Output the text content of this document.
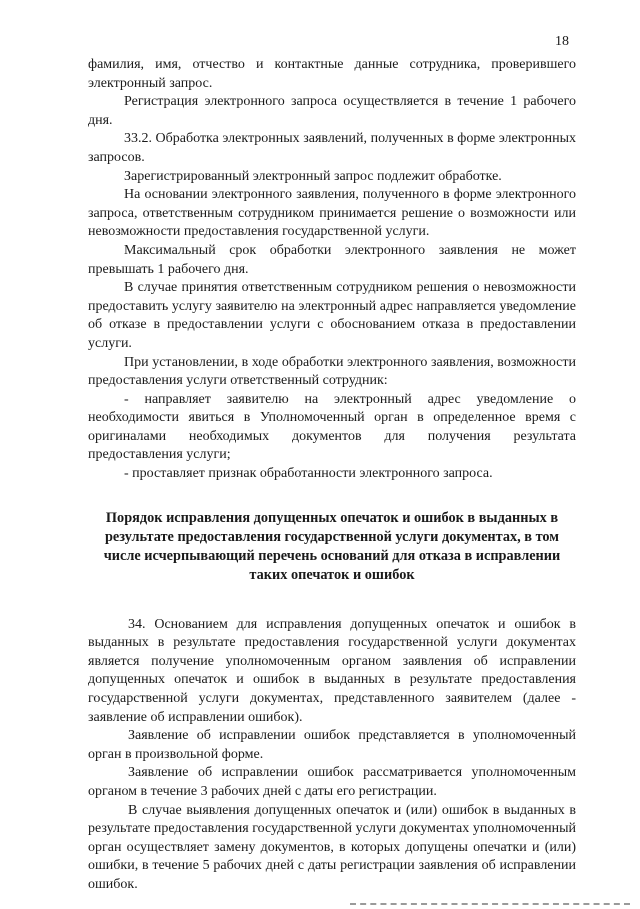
18

фамилия, имя, отчество и контактные данные сотрудника, проверившего электронный запрос.

Регистрация электронного запроса осуществляется в течение 1 рабочего дня.

33.2. Обработка электронных заявлений, полученных в форме электронных запросов.

Зарегистрированный электронный запрос подлежит обработке.

На основании электронного заявления, полученного в форме электронного запроса, ответственным сотрудником принимается решение о возможности или невозможности предоставления государственной услуги.

Максимальный срок обработки электронного заявления не может превышать 1 рабочего дня.

В случае принятия ответственным сотрудником решения о невозможности предоставить услугу заявителю на электронный адрес направляется уведомление об отказе в предоставлении услуги с обоснованием отказа в предоставлении услуги.

При установлении, в ходе обработки электронного заявления, возможности предоставления услуги ответственный сотрудник:

- направляет заявителю на электронный адрес уведомление о необходимости явиться в Уполномоченный орган в определенное время с оригиналами необходимых документов для получения результата предоставления услуги;

- проставляет признак обработанности электронного запроса.

Порядок исправления допущенных опечаток и ошибок в выданных в результате предоставления государственной услуги документах, в том числе исчерпывающий перечень оснований для отказа в исправлении таких опечаток и ошибок

34. Основанием для исправления допущенных опечаток и ошибок в выданных в результате предоставления государственной услуги документах является получение уполномоченным органом заявления об исправлении допущенных опечаток и ошибок в выданных в результате предоставления государственной услуги документах, представленного заявителем (далее - заявление об исправлении ошибок).

Заявление об исправлении ошибок представляется в уполномоченный орган в произвольной форме.

Заявление об исправлении ошибок рассматривается уполномоченным органом в течение 3 рабочих дней с даты его регистрации.

В случае выявления допущенных опечаток и (или) ошибок в выданных в результате предоставления государственной услуги документах уполномоченный орган осуществляет замену документов, в которых допущены опечатки и (или) ошибки, в течение 5 рабочих дней с даты регистрации заявления об исправлении ошибок.
